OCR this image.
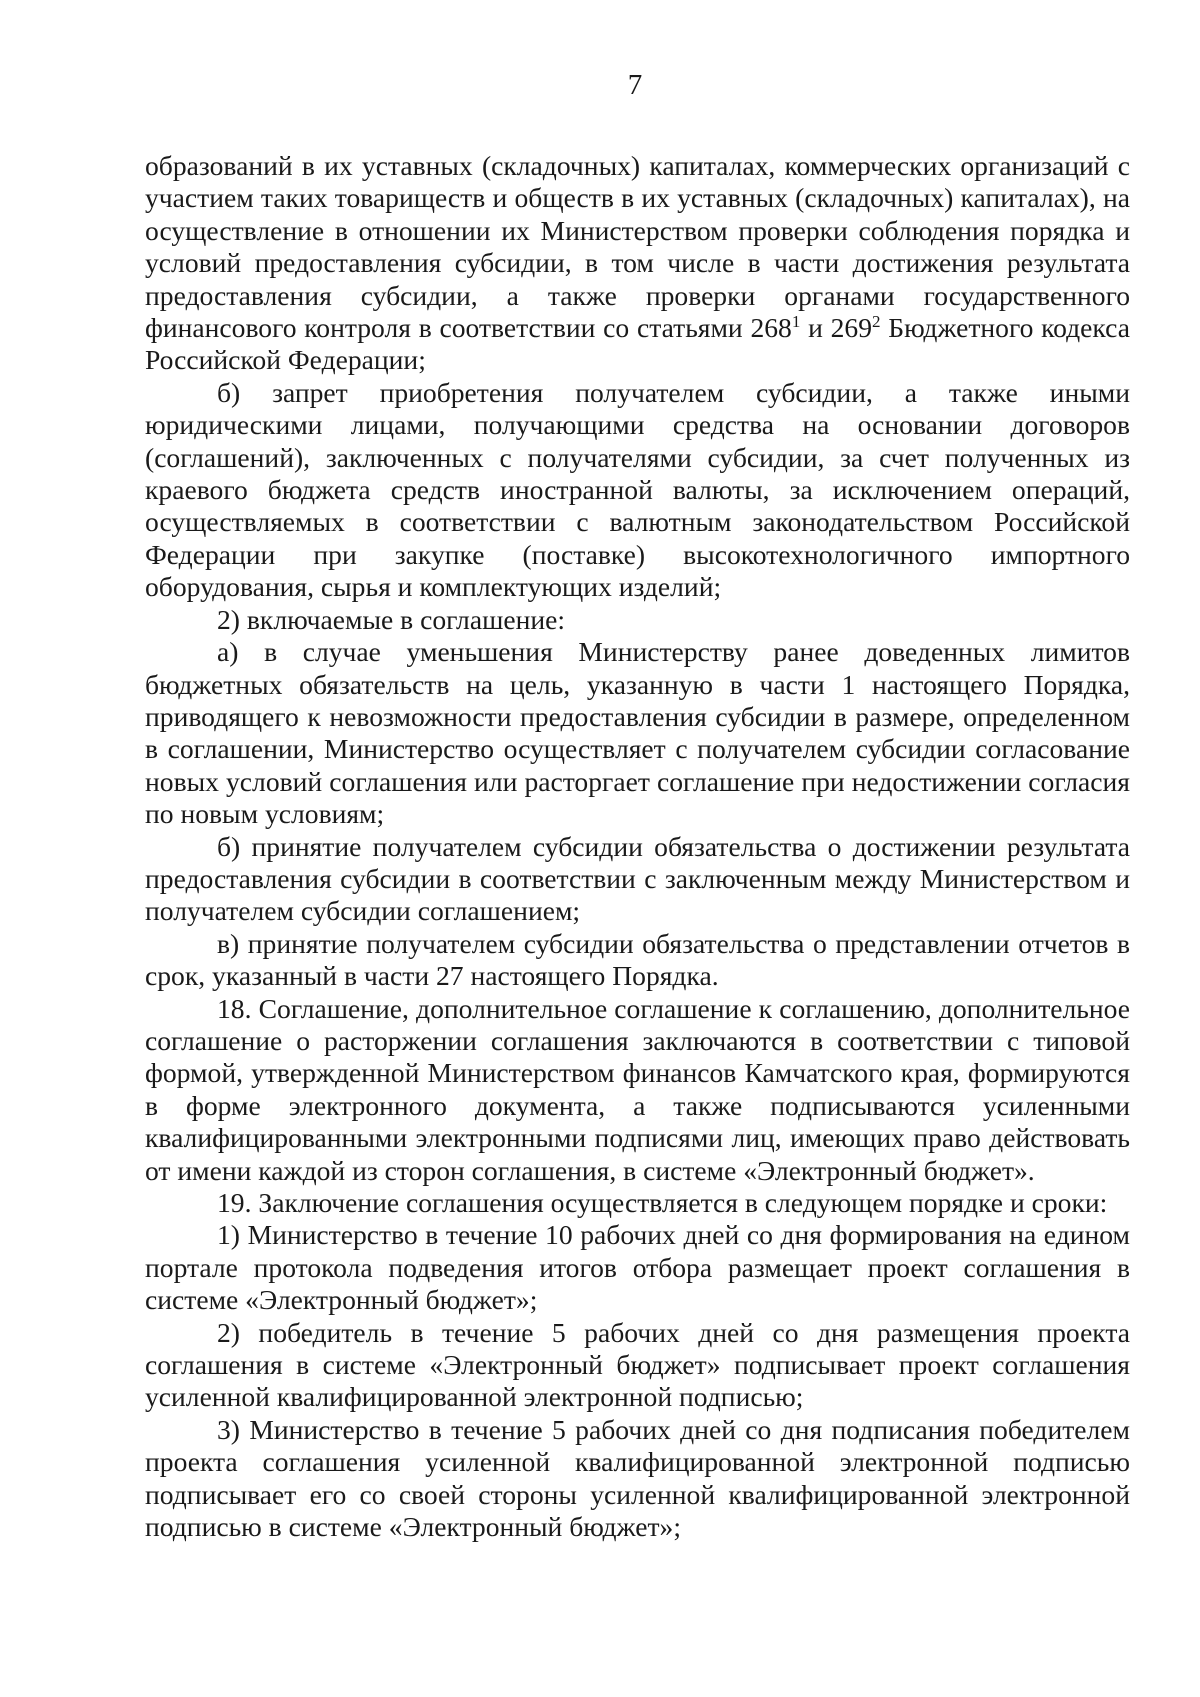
7

образований в их уставных (складочных) капиталах, коммерческих организаций с участием таких товариществ и обществ в их уставных (складочных) капиталах), на осуществление в отношении их Министерством проверки соблюдения порядка и условий предоставления субсидии, в том числе в части достижения результата предоставления субсидии, а также проверки органами государственного финансового контроля в соответствии со статьями $268^1$ и $269^2$ Бюджетного кодекса Российской Федерации;

б) запрет приобретения получателем субсидии, а также иными юридическими лицами, получающими средства на основании договоров (соглашений), заключенных с получателями субсидии, за счет полученных из краевого бюджета средств иностранной валюты, за исключением операций, осуществляемых в соответствии с валютным законодательством Российской Федерации при закупке (поставке) высокотехнологичного импортного оборудования, сырья и комплектующих изделий;

2) включаемые в соглашение:

а) в случае уменьшения Министерству ранее доведенных лимитов бюджетных обязательств на цель, указанную в части 1 настоящего Порядка, приводящего к невозможности предоставления субсидии в размере, определенном в соглашении, Министерство осуществляет с получателем субсидии согласование новых условий соглашения или расторгает соглашение при недостижении согласия по новым условиям;

б) принятие получателем субсидии обязательства о достижении результата предоставления субсидии в соответствии с заключенным между Министерством и получателем субсидии соглашением;

в) принятие получателем субсидии обязательства о представлении отчетов в срок, указанный в части 27 настоящего Порядка.

18. Соглашение, дополнительное соглашение к соглашению, дополнительное соглашение о расторжении соглашения заключаются в соответствии с типовой формой, утвержденной Министерством финансов Камчатского края, формируются в форме электронного документа, а также подписываются усиленными квалифицированными электронными подписями лиц, имеющих право действовать от имени каждой из сторон соглашения, в системе «Электронный бюджет».

19. Заключение соглашения осуществляется в следующем порядке и сроки:

1) Министерство в течение 10 рабочих дней со дня формирования на едином портале протокола подведения итогов отбора размещает проект соглашения в системе «Электронный бюджет»;

2) победитель в течение 5 рабочих дней со дня размещения проекта соглашения в системе «Электронный бюджет» подписывает проект соглашения усиленной квалифицированной электронной подписью;

3) Министерство в течение 5 рабочих дней со дня подписания победителем проекта соглашения усиленной квалифицированной электронной подписью подписывает его со своей стороны усиленной квалифицированной электронной подписью в системе «Электронный бюджет»;
